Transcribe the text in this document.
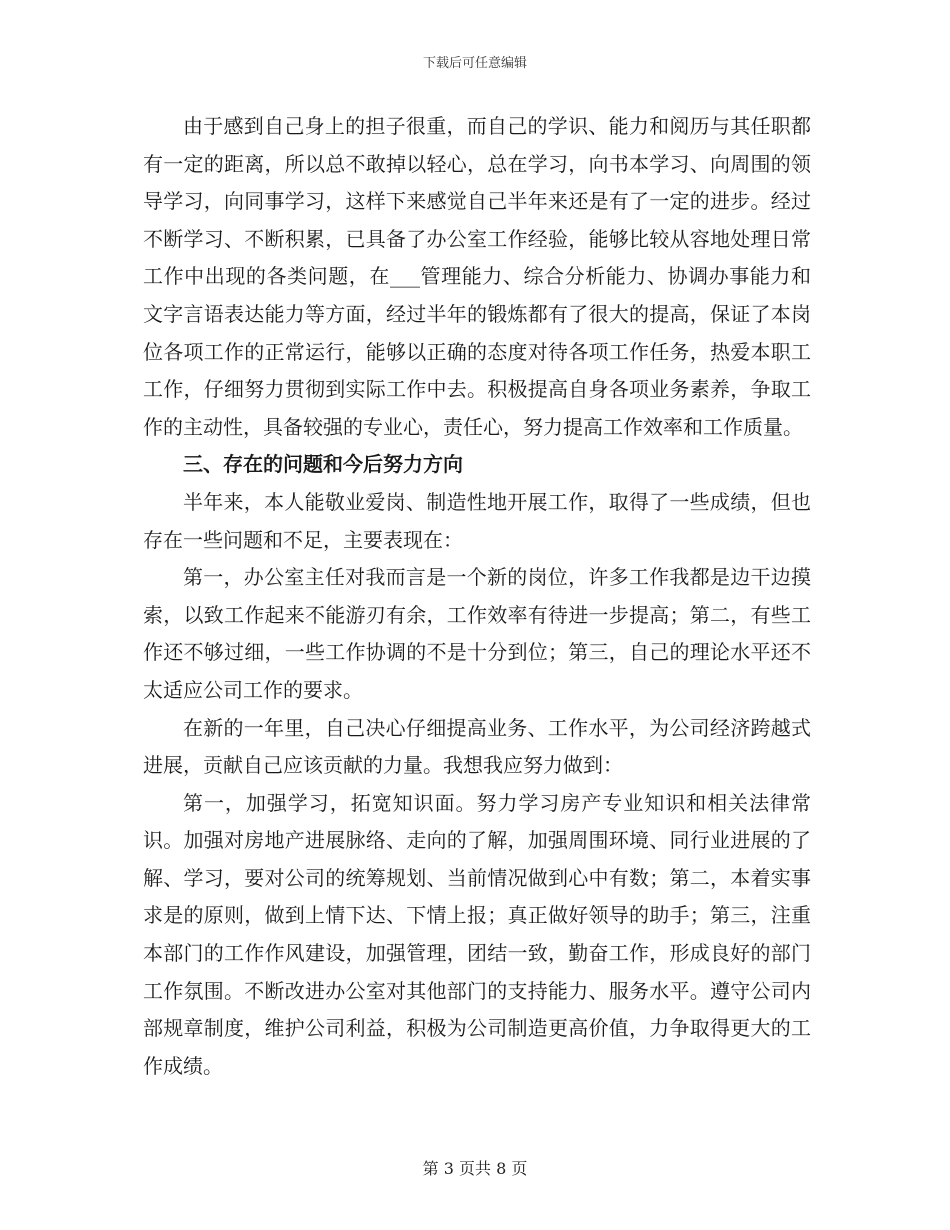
下载后可任意编辑

由于感到自己身上的担子很重，而自己的学识、能力和阅历与其任职都有一定的距离，所以总不敢掉以轻心，总在学习，向书本学习、向周围的领导学习，向同事学习，这样下来感觉自己半年来还是有了一定的进步。经过不断学习、不断积累，已具备了办公室工作经验，能够比较从容地处理日常工作中出现的各类问题，在___管理能力、综合分析能力、协调办事能力和文字言语表达能力等方面，经过半年的锻炼都有了很大的提高，保证了本岗位各项工作的正常运行，能够以正确的态度对待各项工作任务，热爱本职工工作，仔细努力贯彻到实际工作中去。积极提高自身各项业务素养，争取工作的主动性，具备较强的专业心，责任心，努力提高工作效率和工作质量。

三、存在的问题和今后努力方向

半年来，本人能敬业爱岗、制造性地开展工作，取得了一些成绩，但也存在一些问题和不足，主要表现在：

第一，办公室主任对我而言是一个新的岗位，许多工作我都是边干边摸索，以致工作起来不能游刃有余，工作效率有待进一步提高；第二，有些工作还不够过细，一些工作协调的不是十分到位；第三，自己的理论水平还不太适应公司工作的要求。

在新的一年里，自己决心仔细提高业务、工作水平，为公司经济跨越式进展，贡献自己应该贡献的力量。我想我应努力做到：

第一，加强学习，拓宽知识面。努力学习房产专业知识和相关法律常识。加强对房地产进展脉络、走向的了解，加强周围环境、同行业进展的了解、学习，要对公司的统筹规划、当前情况做到心中有数；第二，本着实事求是的原则，做到上情下达、下情上报；真正做好领导的助手；第三，注重本部门的工作作风建设，加强管理，团结一致，勤奋工作，形成良好的部门工作氛围。不断改进办公室对其他部门的支持能力、服务水平。遵守公司内部规章制度，维护公司利益，积极为公司制造更高价值，力争取得更大的工作成绩。

第 3 页共 8 页
